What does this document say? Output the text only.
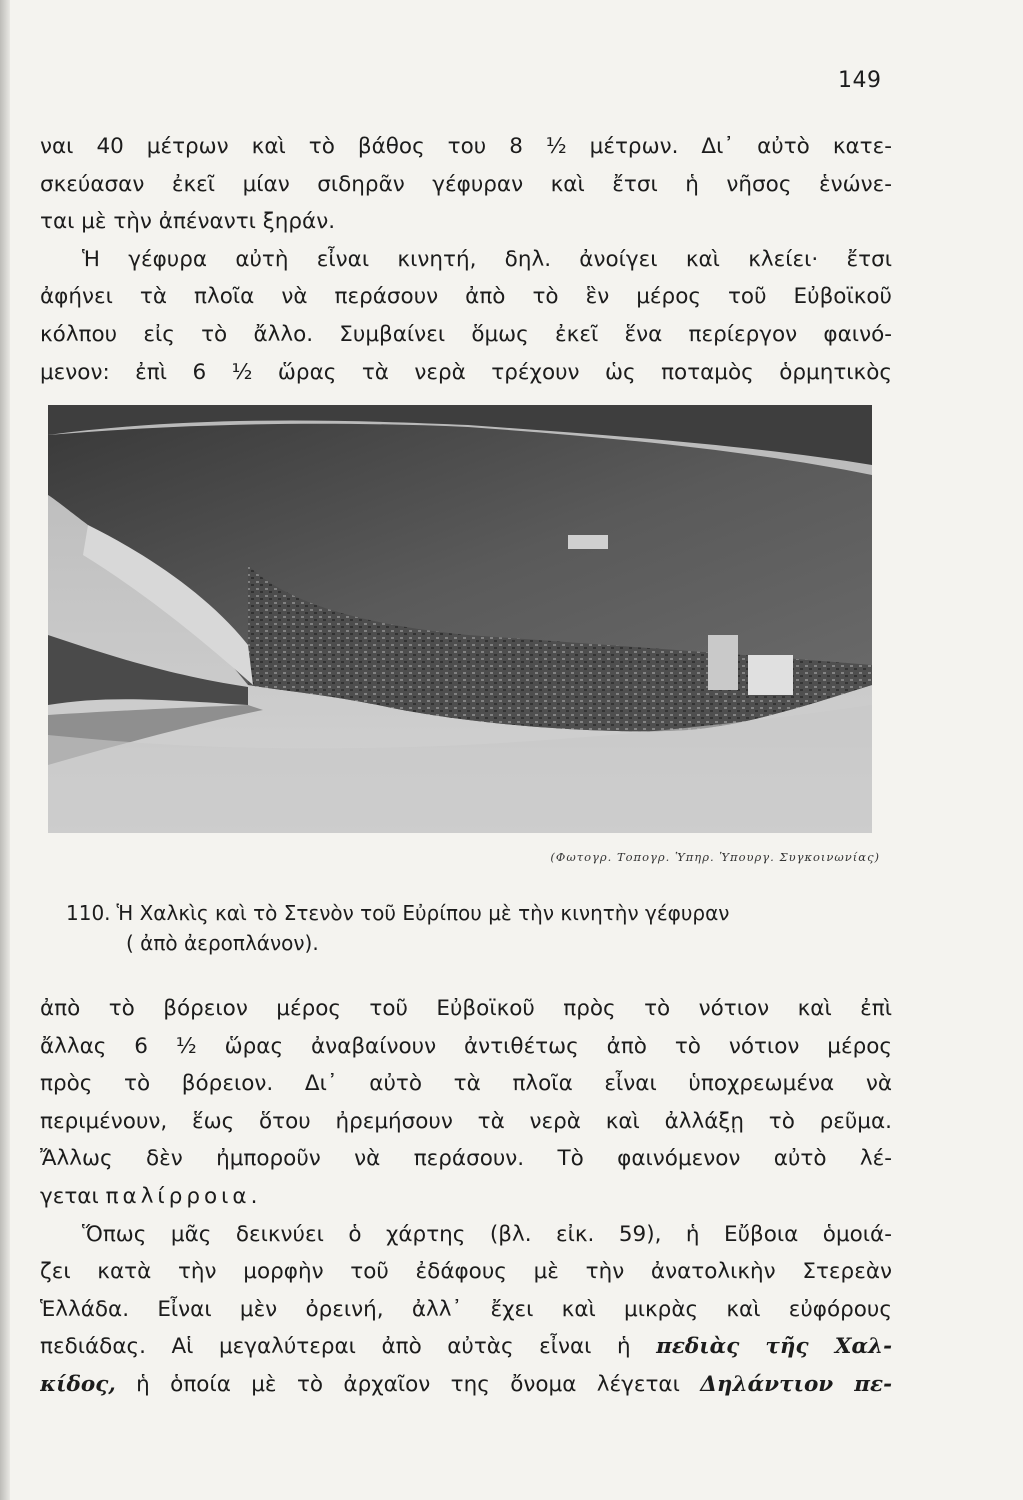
149
ναι 40 μέτρων καὶ τὸ βάθος του 8 ½ μέτρων. Δι᾿ αὐτὸ κατε-
σκεύασαν ἐκεῖ μίαν σιδηρᾶν γέφυραν καὶ ἔτσι ἡ νῆσος ἑνώνε-
ται μὲ τὴν ἀπέναντι ξηράν.
Ἡ γέφυρα αὐτὴ εἶναι κινητή, δηλ. ἀνοίγει καὶ κλείει· ἔτσι
ἀφήνει τὰ πλοῖα νὰ περάσουν ἀπὸ τὸ ἓν μέρος τοῦ Εὐβοϊκοῦ
κόλπου εἰς τὸ ἄλλο. Συμβαίνει ὅμως ἐκεῖ ἕνα περίεργον φαινό-
μενον: ἐπὶ 6 ½ ὥρας τὰ νερὰ τρέχουν ὡς ποταμὸς ὁρμητικὸς
(Φωτογρ. Τοπογρ. Ὑπηρ. Ὑπουργ. Συγκοινωνίας)
110. Ἡ Χαλκὶς καὶ τὸ Στενὸν τοῦ Εὐρίπου μὲ τὴν κινητὴν γέφυραν
( ἀπὸ ἀεροπλάνον).
ἀπὸ τὸ βόρειον μέρος τοῦ Εὐβοϊκοῦ πρὸς τὸ νότιον καὶ ἐπὶ
ἄλλας 6 ½ ὥρας ἀναβαίνουν ἀντιθέτως ἀπὸ τὸ νότιον μέρος
πρὸς τὸ βόρειον. Δι᾿ αὐτὸ τὰ πλοῖα εἶναι ὑποχρεωμένα νὰ
περιμένουν, ἕως ὅτου ἠρεμήσουν τὰ νερὰ καὶ ἀλλάξῃ τὸ ρεῦμα.
Ἄλλως δὲν ἠμποροῦν νὰ περάσουν. Τὸ φαινόμενον αὐτὸ λέ-
γεται παλίρροια.
Ὅπως μᾶς δεικνύει ὁ χάρτης (βλ. εἰκ. 59), ἡ Εὔβοια ὁμοιά-
ζει κατὰ τὴν μορφὴν τοῦ ἐδάφους μὲ τὴν ἀνατολικὴν Στερεὰν
Ἑλλάδα. Εἶναι μὲν ὀρεινή, ἀλλ᾿ ἔχει καὶ μικρὰς καὶ εὐφόρους
πεδιάδας. Αἱ μεγαλύτεραι ἀπὸ αὐτὰς εἶναι ἡ πεδιὰς τῆς Χαλ-
κίδος, ἡ ὁποία μὲ τὸ ἀρχαῖον της ὄνομα λέγεται Δηλάντιον πε-
